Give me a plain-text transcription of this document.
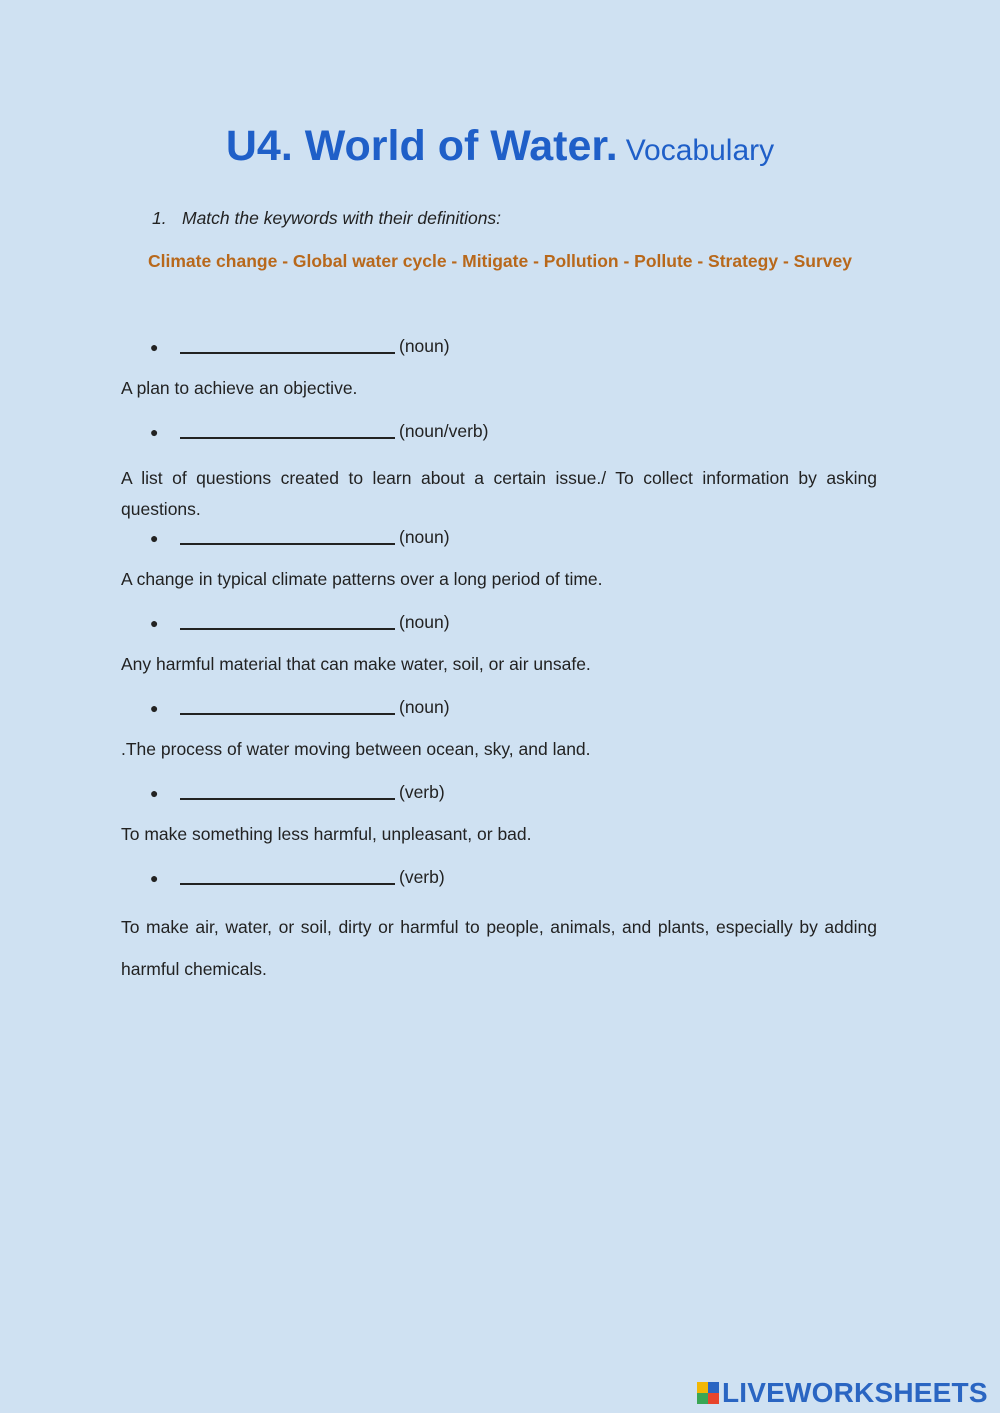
U4. World of Water. Vocabulary
1. Match the keywords with their definitions:
Climate change - Global water cycle - Mitigate - Pollution - Pollute - Strategy - Survey
●	(noun)
A plan to achieve an objective.
●	(noun/verb)
A list of questions created to learn about a certain issue./ To collect information by asking questions.
●	(noun)
A change in typical climate patterns over a long period of time.
●	(noun)
Any harmful material that can make water, soil, or air unsafe.
●	(noun)
.The process of water moving between ocean, sky, and land.
●	(verb)
To make something less harmful, unpleasant, or bad.
●	(verb)
To make air, water, or soil, dirty or harmful to people, animals, and plants, especially by adding harmful chemicals.
LIVEWORKSHEETS
